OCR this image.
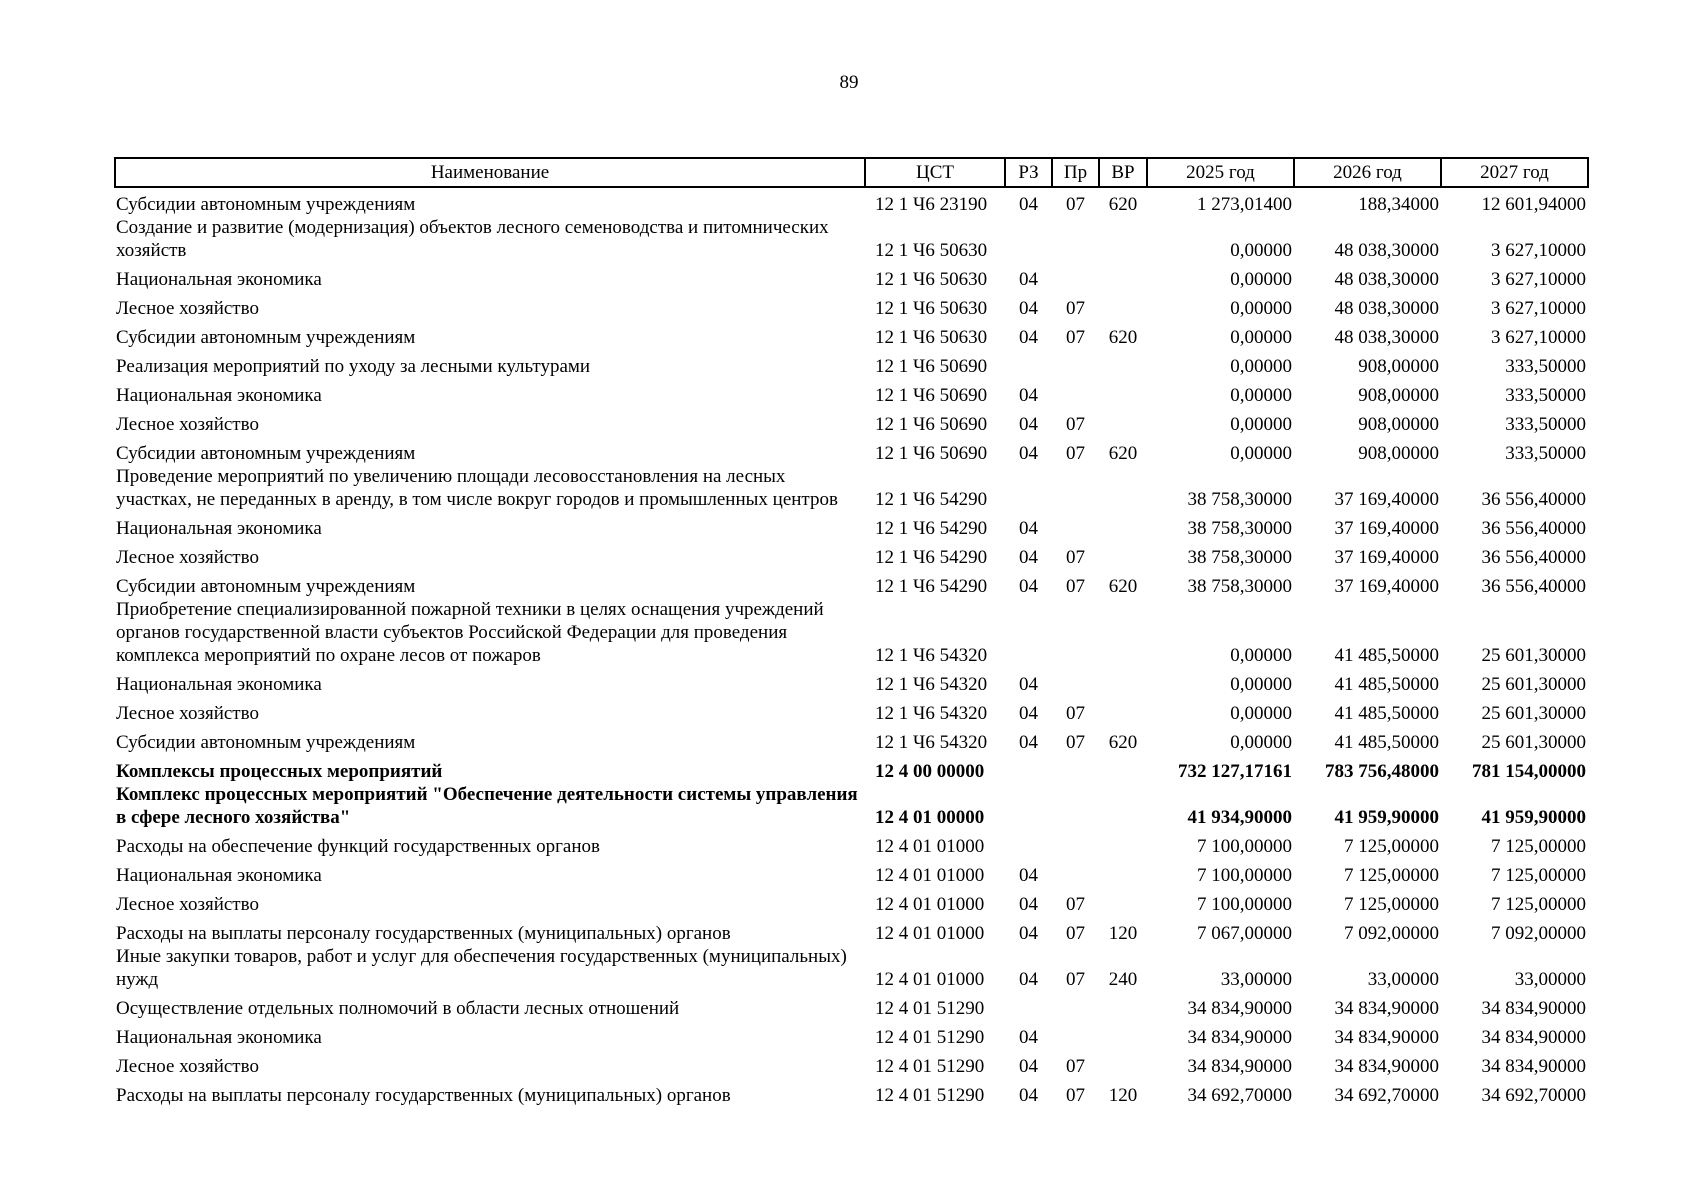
89
Наименование	ЦСТ	РЗ	Пр	ВР	2025 год	2026 год	2027 год
Субсидии автономным учреждениям	12 1 Ч6 23190	04	07	620	1 273,01400	188,34000	12 601,94000
Создание и развитие (модернизация) объектов лесного семеноводства и питомнических хозяйств	12 1 Ч6 50630				0,00000	48 038,30000	3 627,10000
Национальная экономика	12 1 Ч6 50630	04			0,00000	48 038,30000	3 627,10000
Лесное хозяйство	12 1 Ч6 50630	04	07		0,00000	48 038,30000	3 627,10000
Субсидии автономным учреждениям	12 1 Ч6 50630	04	07	620	0,00000	48 038,30000	3 627,10000
Реализация мероприятий по уходу за лесными культурами	12 1 Ч6 50690				0,00000	908,00000	333,50000
Национальная экономика	12 1 Ч6 50690	04			0,00000	908,00000	333,50000
Лесное хозяйство	12 1 Ч6 50690	04	07		0,00000	908,00000	333,50000
Субсидии автономным учреждениям	12 1 Ч6 50690	04	07	620	0,00000	908,00000	333,50000
Проведение мероприятий по увеличению площади лесовосстановления на лесных участках, не переданных в аренду, в том числе вокруг городов и промышленных центров	12 1 Ч6 54290				38 758,30000	37 169,40000	36 556,40000
Национальная экономика	12 1 Ч6 54290	04			38 758,30000	37 169,40000	36 556,40000
Лесное хозяйство	12 1 Ч6 54290	04	07		38 758,30000	37 169,40000	36 556,40000
Субсидии автономным учреждениям	12 1 Ч6 54290	04	07	620	38 758,30000	37 169,40000	36 556,40000
Приобретение специализированной пожарной техники в целях оснащения учреждений органов государственной власти субъектов Российской Федерации для проведения комплекса мероприятий по охране лесов от пожаров	12 1 Ч6 54320				0,00000	41 485,50000	25 601,30000
Национальная экономика	12 1 Ч6 54320	04			0,00000	41 485,50000	25 601,30000
Лесное хозяйство	12 1 Ч6 54320	04	07		0,00000	41 485,50000	25 601,30000
Субсидии автономным учреждениям	12 1 Ч6 54320	04	07	620	0,00000	41 485,50000	25 601,30000
Комплексы процессных мероприятий	12 4 00 00000				732 127,17161	783 756,48000	781 154,00000
Комплекс процессных мероприятий "Обеспечение деятельности системы управления в сфере лесного хозяйства"	12 4 01 00000				41 934,90000	41 959,90000	41 959,90000
Расходы на обеспечение функций государственных органов	12 4 01 01000				7 100,00000	7 125,00000	7 125,00000
Национальная экономика	12 4 01 01000	04			7 100,00000	7 125,00000	7 125,00000
Лесное хозяйство	12 4 01 01000	04	07		7 100,00000	7 125,00000	7 125,00000
Расходы на выплаты персоналу государственных (муниципальных) органов	12 4 01 01000	04	07	120	7 067,00000	7 092,00000	7 092,00000
Иные закупки товаров, работ и услуг для обеспечения государственных (муниципальных) нужд	12 4 01 01000	04	07	240	33,00000	33,00000	33,00000
Осуществление отдельных полномочий в области лесных отношений	12 4 01 51290				34 834,90000	34 834,90000	34 834,90000
Национальная экономика	12 4 01 51290	04			34 834,90000	34 834,90000	34 834,90000
Лесное хозяйство	12 4 01 51290	04	07		34 834,90000	34 834,90000	34 834,90000
Расходы на выплаты персоналу государственных (муниципальных) органов	12 4 01 51290	04	07	120	34 692,70000	34 692,70000	34 692,70000
